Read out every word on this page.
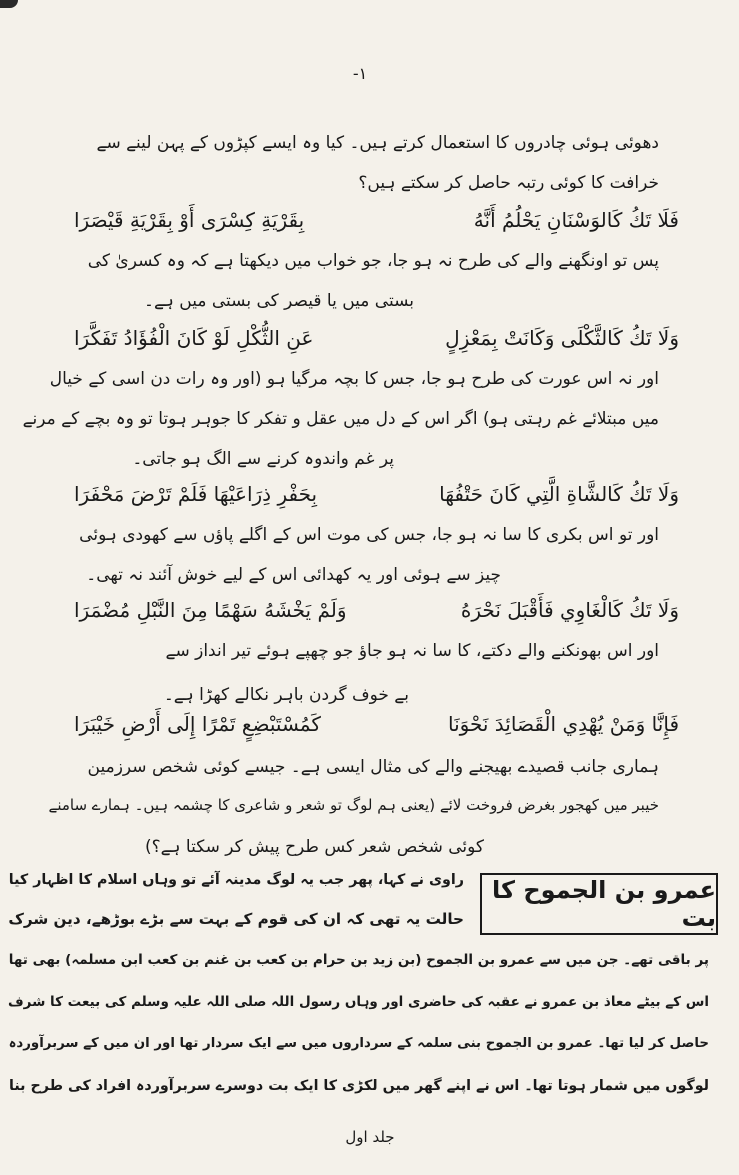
-۱
دھوئی ہوئی چادروں کا استعمال کرتے ہیں۔ کیا وہ ایسے کپڑوں کے پہن لینے سے
خرافت کا کوئی رتبہ حاصل کر سکتے ہیں؟
فَلَا تَكُ كَالوَسْنَانِ يَحْلُمُ أَنَّهُ
بِقَرْيَةِ كِسْرَى أَوْ بِقَرْيَةِ قَيْصَرَا
پس تو اونگھنے والے کی طرح نہ ہو جا، جو خواب میں دیکھتا ہے کہ وہ کسریٰ کی
بستی میں یا قیصر کی بستی میں ہے۔
وَلَا تَكُ كَالثَّكْلَى وَكَانَتْ بِمَعْزِلٍ
عَنِ الثُّكْلِ لَوْ كَانَ الْفُؤَادُ تَفَكَّرَا
اور نہ اس عورت کی طرح ہو جا، جس کا بچہ مرگیا ہو (اور وہ رات دن اسی کے خیال
میں مبتلائے غم رہتی ہو) اگر اس کے دل میں عقل و تفکر کا جوہر ہوتا تو وہ بچے کے مرنے
پر غم واندوہ کرنے سے الگ ہو جاتی۔
وَلَا تَكُ كَالشَّاةِ الَّتِي كَانَ حَتْفُهَا
بِحَفْرِ ذِرَاعَيْهَا فَلَمْ تَرْضَ مَحْفَرَا
اور تو اس بکری کا سا نہ ہو جا، جس کی موت اس کے اگلے پاؤں سے کھودی ہوئی
چیز سے ہوئی اور یہ کھدائی اس کے لیے خوش آئند نہ تھی۔
وَلَا تَكُ كَالْغَاوِي فَأَقْبَلَ نَحْرَهُ
وَلَمْ يَخْشَهُ سَهْمًا مِنَ النَّبْلِ مُضْمَرَا
اور اس بھونکنے والے دکتے، کا سا نہ ہو جاؤ جو چھپے ہوئے تیر انداز سے
بے خوف گردن باہر نکالے کھڑا ہے۔
فَإِنَّا وَمَنْ يُهْدِي الْقَصَائِدَ نَحْوَنَا
كَمُسْتَبْضِعٍ تَمْرًا إِلَى أَرْضِ خَيْبَرَا
ہماری جانب قصیدے بھیجنے والے کی مثال ایسی ہے۔ جیسے کوئی شخص سرزمین
خیبر میں کھجور بغرض فروخت لائے (یعنی ہم لوگ تو شعر و شاعری کا چشمہ ہیں۔ ہمارے سامنے
کوئی شخص شعر کس طرح پیش کر سکتا ہے؟)
عمرو بن الجموح کا بت
راوی نے کہا، پھر جب یہ لوگ مدینہ آئے تو وہاں اسلام کا اظہار کیا
حالت یہ تھی کہ ان کی قوم کے بہت سے بڑے بوڑھے، دین شرک
پر باقی تھے۔ جن میں سے عمرو بن الجموح (بن زید بن حرام بن کعب بن غنم بن کعب ابن مسلمہ) بھی تھا
اس کے بیٹے معاذ بن عمرو نے عقبہ کی حاضری اور وہاں رسول اللہ صلی اللہ علیہ وسلم کی بیعت کا شرف
حاصل کر لیا تھا۔ عمرو بن الجموح بنی سلمہ کے سرداروں میں سے ایک سردار تھا اور ان میں کے سربرآوردہ
لوگوں میں شمار ہوتا تھا۔ اس نے اپنے گھر میں لکڑی کا ایک بت دوسرے سربرآوردہ افراد کی طرح بنا
جلد اول
